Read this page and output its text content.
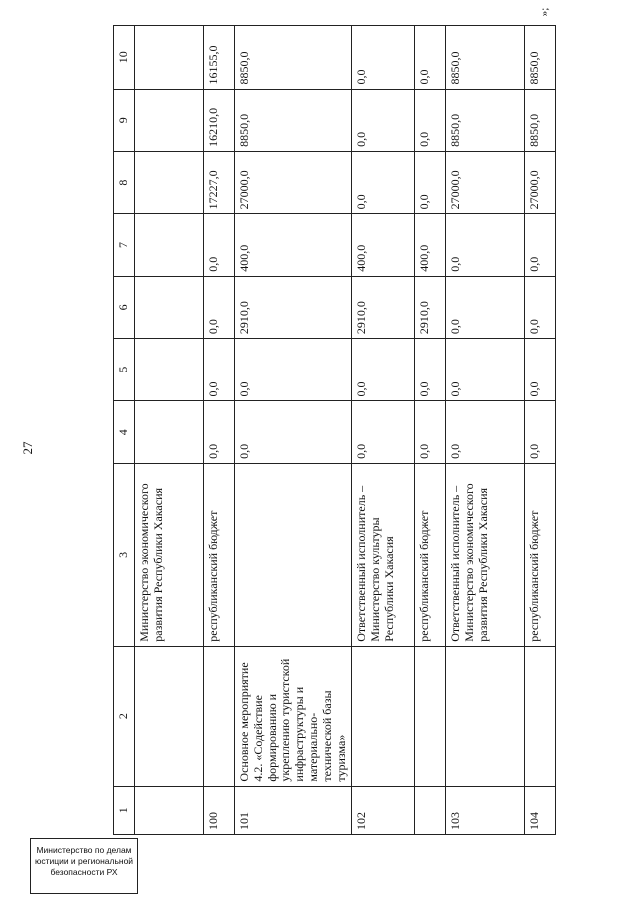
27
»;
1	2	3	4	5	6	7	8	9	10
		Министерство экономического развития Республики Хакасия							
100		республиканский бюджет	0,0	0,0	0,0	0,0	17227,0	16210,0	16155,0
101	Основное мероприятие 4.2. «Содействие формированию и укреплению туристской инфраструктуры и материально-технической базы туризма»		0,0	0,0	2910,0	400,0	27000,0	8850,0	8850,0
102		Ответственный исполнитель – Министерство культуры Республики Хакасия	0,0	0,0	2910,0	400,0	0,0	0,0	0,0
		республиканский бюджет	0,0	0,0	2910,0	400,0	0,0	0,0	0,0
103		Ответственный исполнитель – Министерство экономического развития Республики Хакасия	0,0	0,0	0,0	0,0	27000,0	8850,0	8850,0
104		республиканский бюджет	0,0	0,0	0,0	0,0	27000,0	8850,0	8850,0
Министерство по делам
юстиции и региональной
безопасности РХ
